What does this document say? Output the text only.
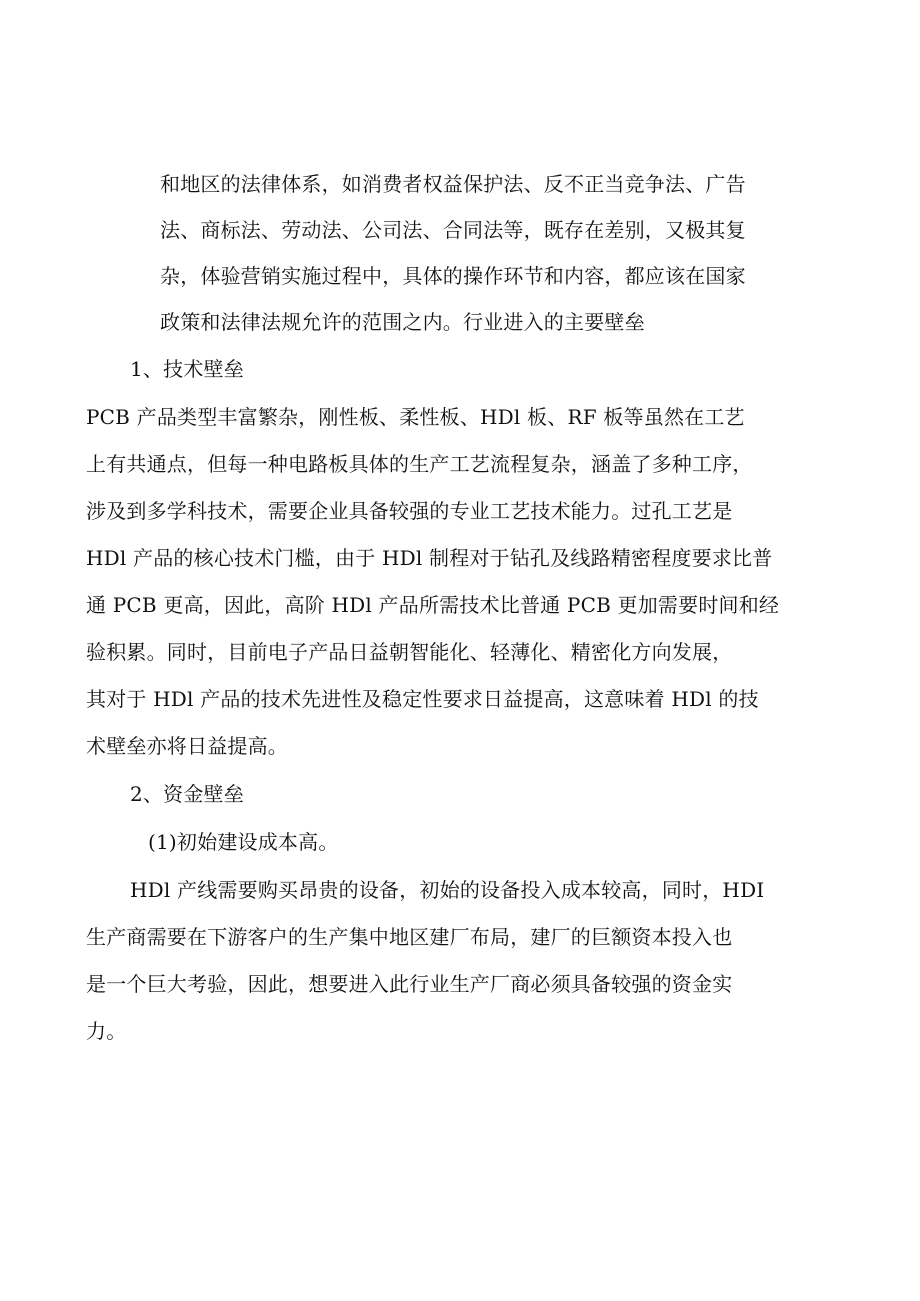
和地区的法律体系，如消费者权益保护法、反不正当竞争法、广告
法、商标法、劳动法、公司法、合同法等，既存在差别，又极其复
杂，体验营销实施过程中，具体的操作环节和内容，都应该在国家
政策和法律法规允许的范围之内。行业进入的主要壁垒
1、技术壁垒
PCB 产品类型丰富繁杂，刚性板、柔性板、HDl 板、RF 板等虽然在工艺
上有共通点，但每一种电路板具体的生产工艺流程复杂，涵盖了多种工序，
涉及到多学科技术，需要企业具备较强的专业工艺技术能力。过孔工艺是
HDl 产品的核心技术门槛，由于 HDl 制程对于钻孔及线路精密程度要求比普
通 PCB 更高，因此，高阶 HDl 产品所需技术比普通 PCB 更加需要时间和经
验积累。同时，目前电子产品日益朝智能化、轻薄化、精密化方向发展，
其对于 HDl 产品的技术先进性及稳定性要求日益提高，这意味着 HDl 的技
术壁垒亦将日益提高。
2、资金壁垒
(1)初始建设成本高。
HDl 产线需要购买昂贵的设备，初始的设备投入成本较高，同时，HDI
生产商需要在下游客户的生产集中地区建厂布局，建厂的巨额资本投入也
是一个巨大考验，因此，想要进入此行业生产厂商必须具备较强的资金实
力。
